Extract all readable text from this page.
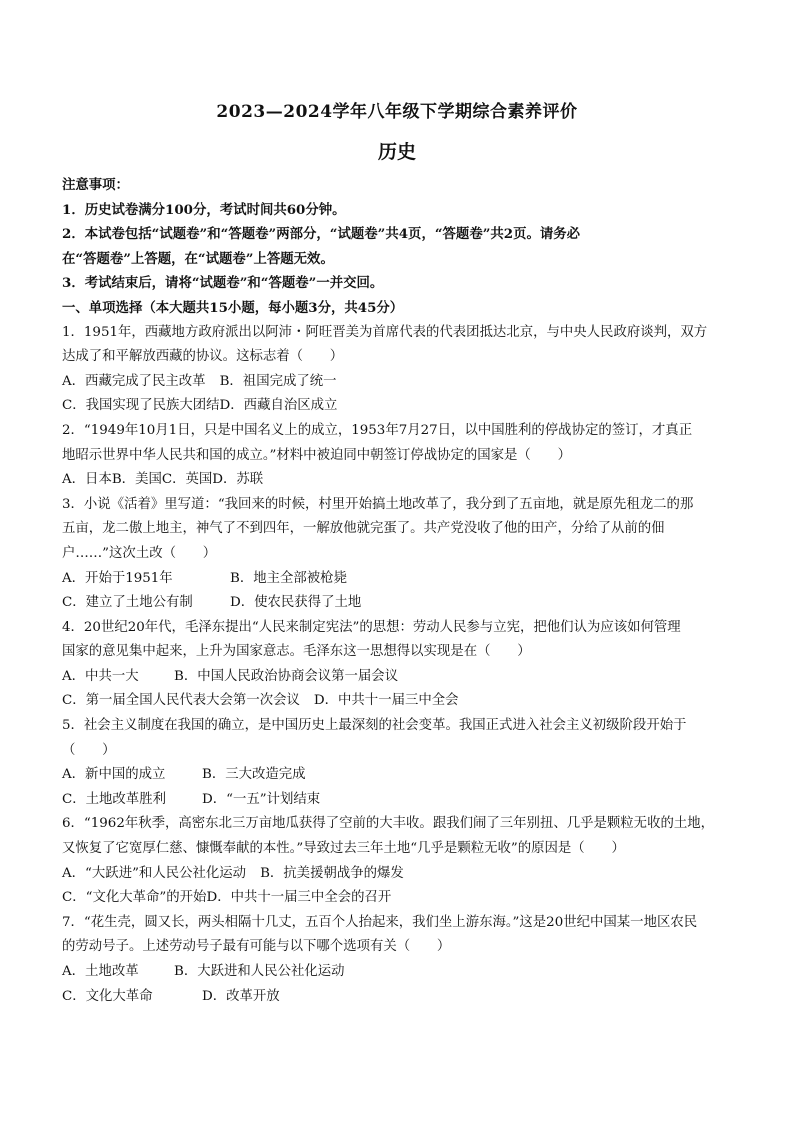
2023—2024学年八年级下学期综合素养评价
历史
注意事项：
1．历史试卷满分100分，考试时间共60分钟。
2．本试卷包括“试题卷”和“答题卷”两部分，“试题卷”共4页，“答题卷”共2页。请务必
在“答题卷”上答题，在“试题卷”上答题无效。
3．考试结束后，请将“试题卷”和“答题卷”一并交回。
一、单项选择（本大题共15小题，每小题3分，共45分）
1．1951年，西藏地方政府派出以阿沛・阿旺晋美为首席代表的代表团抵达北京，与中央人民政府谈判，双方
达成了和平解放西藏的协议。这标志着（　　）
A．西藏完成了民主改革 B．祖国完成了统一
C．我国实现了民族大团结D．西藏自治区成立
2．“1949年10月1日，只是中国名义上的成立，1953年7月27日，以中国胜利的停战协定的签订，才真正
地昭示世界中华人民共和国的成立。”材料中被迫同中朝签订停战协定的国家是（　　）
A．日本B．美国C．英国D．苏联
3．小说《活着》里写道：“我回来的时候，村里开始搞土地改革了，我分到了五亩地，就是原先租龙二的那
五亩，龙二傲上地主，神气了不到四年，一解放他就完蛋了。共产党没收了他的田产，分给了从前的佃
户……”这次土改（　　）
A．开始于1951年	B．地主全部被枪毙
C．建立了土地公有制	D．使农民获得了土地
4．20世纪20年代，毛泽东提出“人民来制定宪法”的思想：劳动人民参与立宪，把他们认为应该如何管理
国家的意见集中起来，上升为国家意志。毛泽东这一思想得以实现是在（　　）
A．中共一大	B．中国人民政治协商会议第一届会议
C．第一届全国人民代表大会第一次会议 D．中共十一届三中全会
5．社会主义制度在我国的确立，是中国历史上最深刻的社会变革。我国正式进入社会主义初级阶段开始于
（　　）
A．新中国的成立	B．三大改造完成
C．土地改革胜利	D．“一五”计划结束
6．“1962年秋季，高密东北三万亩地瓜获得了空前的大丰收。跟我们闹了三年别扭、几乎是颗粒无收的土地，
又恢复了它宽厚仁慈、慷慨奉献的本性。”导致过去三年土地“几乎是颗粒无收”的原因是（　　）
A．“大跃进”和人民公社化运动 B．抗美援朝战争的爆发
C．“文化大革命”的开始D．中共十一届三中全会的召开
7．“花生壳，圆又长，两头相隔十几丈，五百个人抬起来，我们坐上游东海。”这是20世纪中国某一地区农民
的劳动号子。上述劳动号子最有可能与以下哪个选项有关（　　）
A．土地改革	B．大跃进和人民公社化运动
C．文化大革命	D．改革开放
